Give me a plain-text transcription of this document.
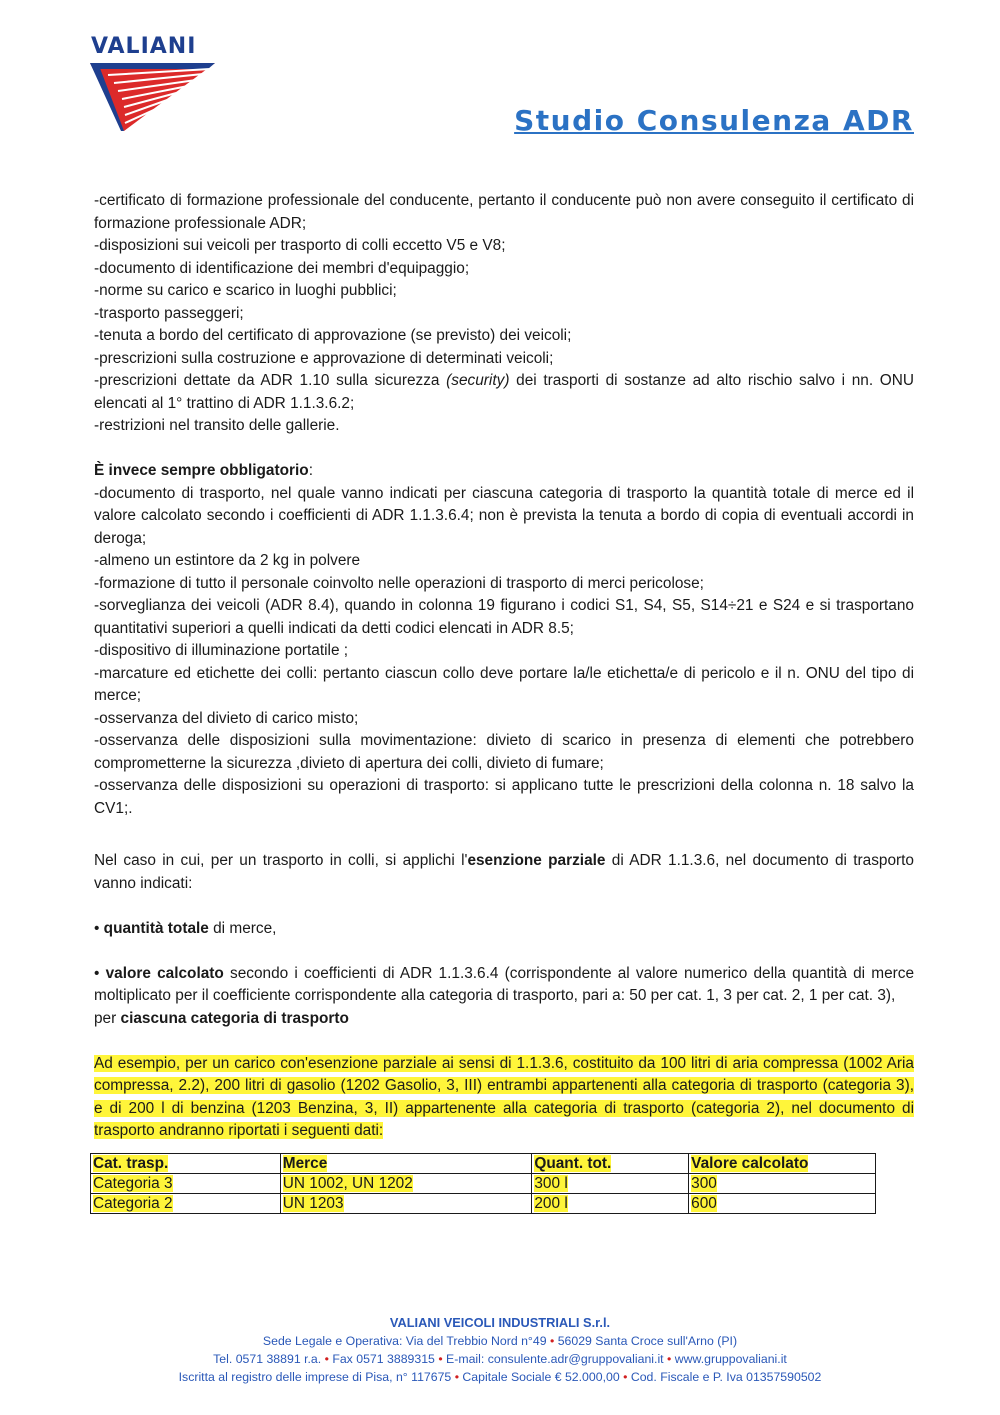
VALIANI
Studio Consulenza ADR

-certificato di formazione professionale del conducente, pertanto il conducente può non avere conseguito il certificato di formazione professionale ADR;

-disposizioni sui veicoli per trasporto di colli eccetto V5 e V8;

-documento di identificazione dei membri d'equipaggio;

-norme su carico e scarico in luoghi pubblici;

-trasporto passeggeri;

-tenuta a bordo del certificato di approvazione (se previsto) dei veicoli;

-prescrizioni sulla costruzione e approvazione di determinati veicoli;

-prescrizioni dettate da ADR 1.10 sulla sicurezza (security) dei trasporti di sostanze ad alto rischio salvo i nn. ONU elencati al 1° trattino di ADR 1.1.3.6.2;

-restrizioni nel transito delle gallerie.

È invece sempre obbligatorio:

-documento di trasporto, nel quale vanno indicati per ciascuna categoria di trasporto la quantità totale di merce ed il valore calcolato secondo i coefficienti di ADR 1.1.3.6.4; non è prevista la tenuta a bordo di copia di eventuali accordi in deroga;

-almeno un estintore da 2 kg in polvere

-formazione di tutto il personale coinvolto nelle operazioni di trasporto di merci pericolose;

-sorveglianza dei veicoli (ADR 8.4), quando in colonna 19 figurano i codici S1, S4, S5, S14÷21 e S24 e si trasportano quantitativi superiori a quelli indicati da detti codici elencati in ADR 8.5;

-dispositivo di illuminazione portatile ;

-marcature ed etichette dei colli: pertanto ciascun collo deve portare la/le etichetta/e di pericolo e il n. ONU del tipo di merce;

-osservanza del divieto di carico misto;

-osservanza delle disposizioni sulla movimentazione: divieto di scarico in presenza di elementi che potrebbero comprometterne la sicurezza ,divieto di apertura dei colli, divieto di fumare;

-osservanza delle disposizioni su operazioni di trasporto: si applicano tutte le prescrizioni della colonna n. 18 salvo la CV1;.

Nel caso in cui, per un trasporto in colli, si applichi l'esenzione parziale di ADR 1.1.3.6, nel documento di trasporto vanno indicati:

• quantità totale di merce,

• valore calcolato secondo i coefficienti di ADR 1.1.3.6.4 (corrispondente al valore numerico della quantità di merce moltiplicato per il coefficiente corrispondente alla categoria di trasporto, pari a: 50 per cat. 1, 3 per cat. 2, 1 per cat. 3),

per ciascuna categoria di trasporto

Ad esempio, per un carico con'esenzione parziale ai sensi di 1.1.3.6, costituito da 100 litri di aria compressa (1002 Aria compressa, 2.2), 200 litri di gasolio (1202 Gasolio, 3, III) entrambi appartenenti alla categoria di trasporto (categoria 3), e di 200 l di benzina (1203 Benzina, 3, II) appartenente alla categoria di trasporto (categoria 2), nel documento di trasporto andranno riportati i seguenti dati:

Cat. trasp.	Merce	Quant. tot.	Valore calcolato
Categoria 3	UN 1002, UN 1202	300 l	300
Categoria 2	UN 1203	200 l	600
VALIANI VEICOLI INDUSTRIALI S.r.l.
Sede Legale e Operativa: Via del Trebbio Nord n°49 • 56029 Santa Croce sull'Arno (PI)
Tel. 0571 38891 r.a. • Fax 0571 3889315 • E-mail: consulente.adr@gruppovaliani.it • www.gruppovaliani.it
Iscritta al registro delle imprese di Pisa, n° 117675 • Capitale Sociale € 52.000,00 • Cod. Fiscale e P. Iva 01357590502
